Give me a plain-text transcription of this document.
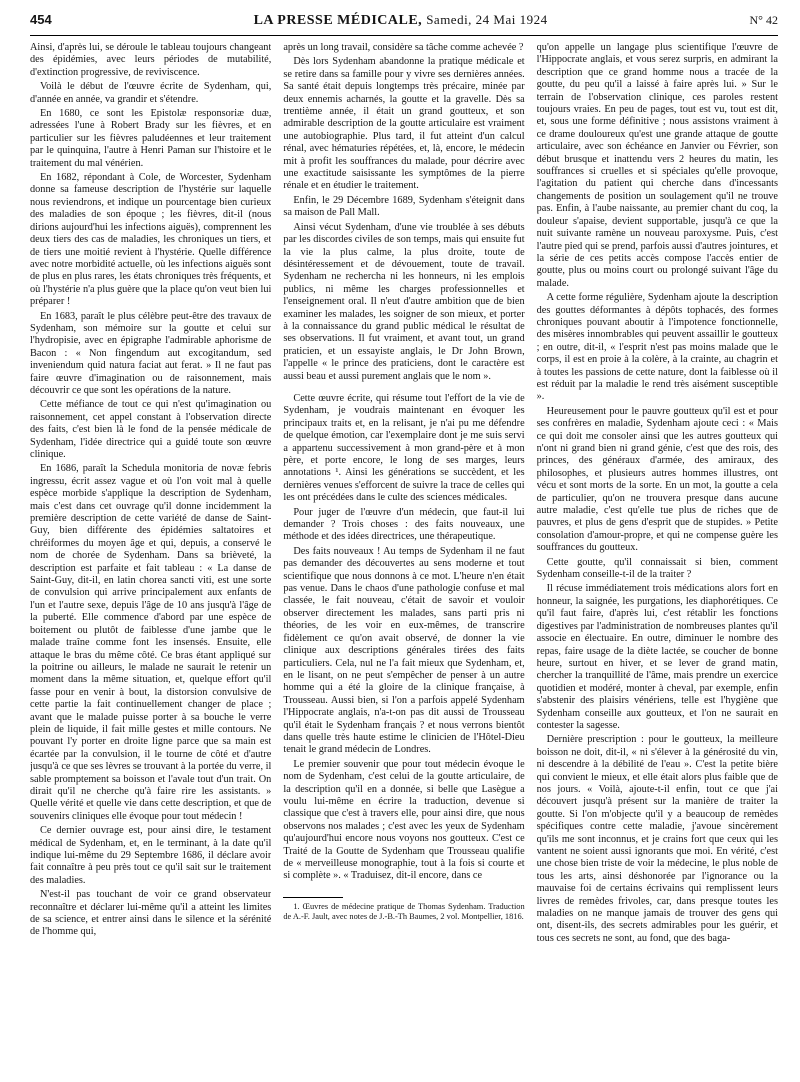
454	LA PRESSE MÉDICALE, Samedi, 24 Mai 1924	N° 42

Ainsi, d'après lui, se déroule le tableau toujours changeant des épidémies, avec leurs périodes de mutabilité, d'extinction progressive, de reviviscence.

Voilà le début de l'œuvre écrite de Sydenham, qui, d'année en année, va grandir et s'étendre.

En 1680, ce sont les Epistolæ responsoriæ duæ, adressées l'une à Robert Brady sur les fièvres, et en particulier sur les fièvres paludéennes et leur traitement par le quinquina, l'autre à Henri Paman sur l'histoire et le traitement du mal vénérien.

En 1682, répondant à Cole, de Worcester, Sydenham donne sa fameuse description de l'hystérie sur laquelle nous reviendrons, et indique un pourcentage bien curieux des maladies de son époque ; les fièvres, dit-il (nous dirions aujourd'hui les infections aiguës), comprennent les deux tiers des cas de maladies, les chroniques un tiers, et de tiers une moitié revient à l'hystérie. Quelle différence avec notre morbidité actuelle, où les infections aiguës sont de plus en plus rares, les états chroniques très fréquents, et où l'hystérie n'a plus guère que la place qu'on veut bien lui préparer !

En 1683, paraît le plus célèbre peut-être des travaux de Sydenham, son mémoire sur la goutte et celui sur l'hydropisie, avec en épigraphe l'admirable aphorisme de Bacon : « Non fingendum aut excogitandum, sed inveniendum quid natura faciat aut ferat. » Il ne faut pas faire œuvre d'imagination ou de raisonnement, mais découvrir ce que sont les opérations de la nature.

Cette méfiance de tout ce qui n'est qu'imagination ou raisonnement, cet appel constant à l'observation directe des faits, c'est bien là le fond de la pensée médicale de Sydenham, l'idée directrice qui a guidé toute son œuvre clinique.

En 1686, paraît la Schedula monitoria de novæ febris ingressu, écrit assez vague et où l'on voit mal à quelle espèce morbide s'applique la description de Sydenham, mais c'est dans cet ouvrage qu'il donne incidemment la première description de cette variété de danse de Saint-Guy, bien différente des épidémies saltatoires et chréiformes du moyen âge et qui, depuis, a conservé le nom de chorée de Sydenham. Dans sa brièveté, la description est parfaite et fait tableau : « La danse de Saint-Guy, dit-il, en latin chorea sancti viti, est une sorte de convulsion qui arrive principalement aux enfants de l'un et l'autre sexe, depuis l'âge de 10 ans jusqu'à l'âge de la puberté. Elle commence d'abord par une espèce de boitement ou plutôt de faiblesse d'une jambe que le malade traîne comme font les insensés. Ensuite, elle attaque le bras du même côté. Ce bras étant appliqué sur la poitrine ou ailleurs, le malade ne saurait le retenir un moment dans la même situation, et, quelque effort qu'il fasse pour en venir à bout, la distorsion convulsive de cette partie la fait continuellement changer de place ; avant que le malade puisse porter à sa bouche le verre plein de liquide, il fait mille gestes et mille contours. Ne pouvant l'y porter en droite ligne parce que sa main est écartée par la convulsion, il le tourne de côté et d'autre jusqu'à ce que ses lèvres se trouvant à la portée du verre, il sable promptement sa boisson et l'avale tout d'un trait. On dirait qu'il ne cherche qu'à faire rire les assistants. » Quelle vérité et quelle vie dans cette description, et que de souvenirs cliniques elle évoque pour tout médecin !

Ce dernier ouvrage est, pour ainsi dire, le testament médical de Sydenham, et, en le terminant, à la date qu'il indique lui-même du 29 Septembre 1686, il déclare avoir fait connaître à peu près tout ce qu'il sait sur le traitement des maladies.

N'est-il pas touchant de voir ce grand observateur reconnaître et déclarer lui-même qu'il a atteint les limites de sa science, et entrer ainsi dans le silence et la sérénité de l'homme qui,

après un long travail, considère sa tâche comme achevée ?

Dès lors Sydenham abandonne la pratique médicale et se retire dans sa famille pour y vivre ses dernières années. Sa santé était depuis longtemps très précaire, minée par deux ennemis acharnés, la goutte et la gravelle. Dès sa trentième année, il était un grand goutteux, et son admirable description de la goutte articulaire est vraiment une autobiographie. Plus tard, il fut atteint d'un calcul rénal, avec hématuries répétées, et, là, encore, le médecin mit à profit les souffrances du malade, pour décrire avec une exactitude saisissante les symptômes de la pierre rénale et en étudier le traitement.

Enfin, le 29 Décembre 1689, Sydenham s'éteignit dans sa maison de Pall Mall.

Ainsi vécut Sydenham, d'une vie troublée à ses débuts par les discordes civiles de son temps, mais qui ensuite fut la vie la plus calme, la plus droite, toute de désintéressement et de dévouement, toute de travail. Sydenham ne rechercha ni les honneurs, ni les emplois publics, ni même les charges professionnelles et l'enseignement oral. Il n'eut d'autre ambition que de bien examiner les malades, les soigner de son mieux, et porter à la connaissance du grand public médical le résultat de ses observations. Il fut vraiment, et avant tout, un grand praticien, et un essayiste anglais, le Dr John Brown, l'appelle « le prince des praticiens, dont le caractère est aussi beau et aussi purement anglais que le nom ».

Cette œuvre écrite, qui résume tout l'effort de la vie de Sydenham, je voudrais maintenant en évoquer les principaux traits et, en la relisant, je n'ai pu me défendre de quelque émotion, car l'exemplaire dont je me suis servi a appartenu successivement à mon grand-père et à mon père, et porte encore, le long de ses marges, leurs annotations ¹. Ainsi les générations se succèdent, et les dernières venues s'efforcent de suivre la trace de celles qui les ont précédées dans le culte des sciences médicales.

Pour juger de l'œuvre d'un médecin, que faut-il lui demander ? Trois choses : des faits nouveaux, une méthode et des idées directrices, une thérapeutique.

Des faits nouveaux ! Au temps de Sydenham il ne faut pas demander des découvertes au sens moderne et tout scientifique que nous donnons à ce mot. L'heure n'en était pas venue. Dans le chaos d'une pathologie confuse et mal classée, le fait nouveau, c'était de savoir et vouloir observer directement les malades, sans parti pris ni théories, de les voir en eux-mêmes, de transcrire fidèlement ce qu'on avait observé, de donner la vie clinique aux descriptions générales tirées des faits particuliers. Cela, nul ne l'a fait mieux que Sydenham, et, en le lisant, on ne peut s'empêcher de penser à un autre homme qui a été la gloire de la clinique française, à Trousseau. Aussi bien, si l'on a parfois appelé Sydenham l'Hippocrate anglais, n'a-t-on pas dit aussi de Trousseau qu'il était le Sydenham français ? et nous verrons bientôt dans quelle très haute estime le clinicien de l'Hôtel-Dieu tenait le grand médecin de Londres.

Le premier souvenir que pour tout médecin évoque le nom de Sydenham, c'est celui de la goutte articulaire, de la description qu'il en a donnée, si belle que Lasègue a voulu lui-même en écrire la traduction, devenue si classique que c'est à travers elle, pour ainsi dire, que nous observons nos malades ; c'est avec les yeux de Sydenham qu'aujourd'hui encore nous voyons nos goutteux. C'est ce Traité de la Goutte de Sydenham que Trousseau qualifie de « merveilleuse monographie, tout à la fois si courte et si complète ». « Traduisez, dit-il encore, dans ce

1. Œuvres de médecine pratique de Thomas Sydenham. Traduction de A.-F. Jault, avec notes de J.-B.-Th Baumes, 2 vol. Montpellier, 1816.

qu'on appelle un langage plus scientifique l'œuvre de l'Hippocrate anglais, et vous serez surpris, en admirant la description que ce grand homme nous a tracée de la goutte, du peu qu'il a laissé à faire après lui. » Sur le terrain de l'observation clinique, ces paroles restent toujours vraies. En peu de pages, tout est vu, tout est dit, et, sous une forme définitive ; nous assistons vraiment à ce drame douloureux qu'est une grande attaque de goutte articulaire, avec son échéance en Janvier ou Février, son début brusque et inattendu vers 2 heures du matin, les souffrances si cruelles et si spéciales qu'elle provoque, l'agitation du patient qui cherche dans d'incessants changements de position un soulagement qu'il ne trouve pas. Enfin, à l'aube naissante, au premier chant du coq, la douleur s'apaise, devient supportable, jusqu'à ce que la nuit suivante ramène un nouveau paroxysme. Puis, c'est l'autre pied qui se prend, parfois aussi d'autres jointures, et la série de ces petits accès compose l'accès entier de goutte, plus ou moins court ou prolongé suivant l'âge du malade.

A cette forme régulière, Sydenham ajoute la description des gouttes déformantes à dépôts tophacés, des formes chroniques pouvant aboutir à l'impotence fonctionnelle, des misères innombrables qui peuvent assaillir le goutteux ; en outre, dit-il, « l'esprit n'est pas moins malade que le corps, il est en proie à la colère, à la crainte, au chagrin et à toutes les passions de cette nature, dont la faiblesse où il est réduit par la maladie le rend très aisément susceptible ».

Heureusement pour le pauvre goutteux qu'il est et pour ses confrères en maladie, Sydenham ajoute ceci : « Mais ce qui doit me consoler ainsi que les autres goutteux qui n'ont ni grand bien ni grand génie, c'est que des rois, des princes, des généraux d'armée, des amiraux, des philosophes, et plusieurs autres hommes illustres, ont vécu et sont morts de la sorte. En un mot, la goutte a cela de particulier, qu'on ne trouvera presque dans aucune autre maladie, c'est qu'elle tue plus de riches que de pauvres, et plus de gens d'esprit que de stupides. » Petite consolation d'amour-propre, et qui ne compense guère les souffrances du goutteux.

Cette goutte, qu'il connaissait si bien, comment Sydenham conseille-t-il de la traiter ?

Il récuse immédiatement trois médications alors fort en honneur, la saignée, les purgations, les diaphorétiques. Ce qu'il faut faire, d'après lui, c'est rétablir les fonctions digestives par l'administration de nombreuses plantes qu'il associe en électuaire. En outre, diminuer le nombre des repas, faire usage de la diète lactée, se coucher de bonne heure, surtout en hiver, et se lever de grand matin, chercher la tranquillité de l'âme, mais prendre un exercice quotidien et modéré, monter à cheval, par exemple, enfin s'abstenir des plaisirs vénériens, telle est l'hygiène que Sydenham conseille aux goutteux, et l'on ne saurait en contester la sagesse.

Dernière prescription : pour le goutteux, la meilleure boisson ne doit, dit-il, « ni s'élever à la générosité du vin, ni descendre à la débilité de l'eau ». C'est la petite bière qui convient le mieux, et elle était alors plus faible que de nos jours. « Voilà, ajoute-t-il enfin, tout ce que j'ai découvert jusqu'à présent sur la manière de traiter la goutte. Si l'on m'objecte qu'il y a beaucoup de remèdes spécifiques contre cette maladie, j'avoue sincèrement qu'ils me sont inconnus, et je crains fort que ceux qui les vantent ne soient aussi ignorants que moi. En vérité, c'est une chose bien triste de voir la médecine, le plus noble de tous les arts, ainsi déshonorée par l'ignorance ou la mauvaise foi de certains écrivains qui remplissent leurs livres de remèdes frivoles, car, dans presque toutes les maladies on ne manque jamais de trouver des gens qui ont, disent-ils, des secrets admirables pour les guérir, et tous ces secrets ne sont, au fond, que des baga-
